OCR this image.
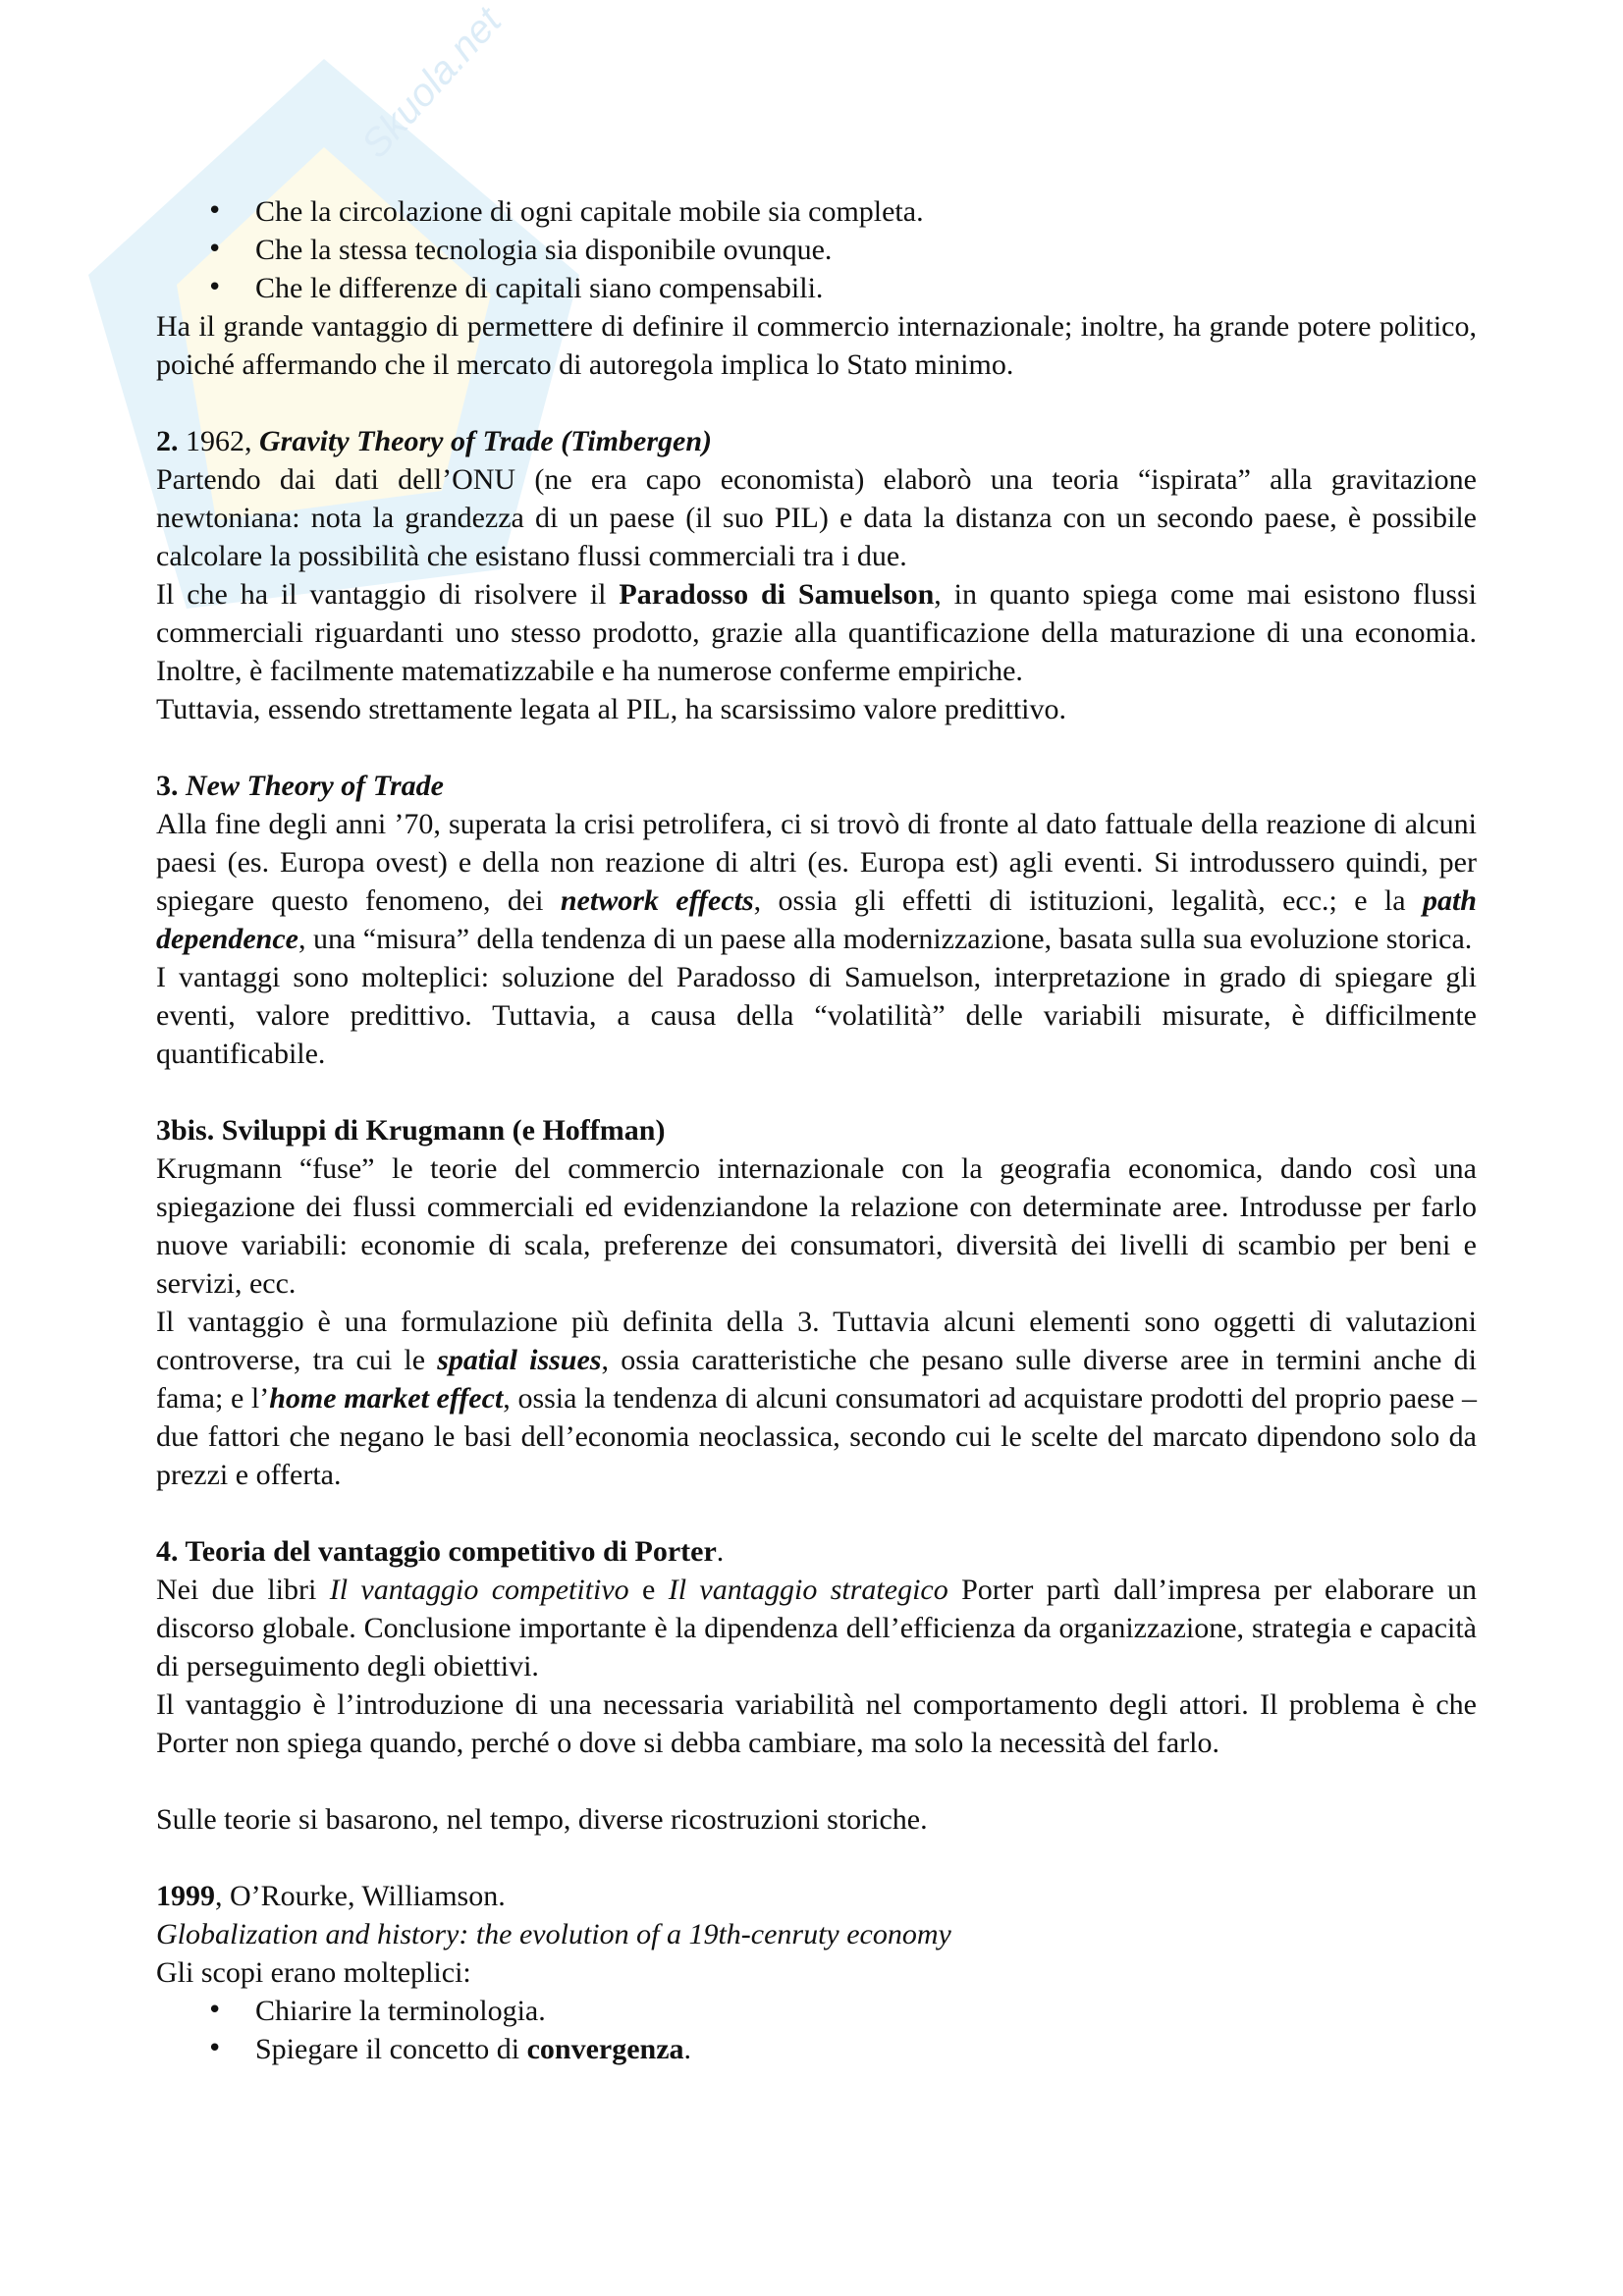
Skuola.net
• Che la circolazione di ogni capitale mobile sia completa.
• Che la stessa tecnologia sia disponibile ovunque.
• Che le differenze di capitali siano compensabili.

Ha il grande vantaggio di permettere di definire il commercio internazionale; inoltre, ha grande potere politico, poiché affermando che il mercato di autoregola implica lo Stato minimo.

2. 1962, Gravity Theory of Trade (Timbergen)

Partendo dai dati dell’ONU (ne era capo economista) elaborò una teoria “ispirata” alla gravitazione newtoniana: nota la grandezza di un paese (il suo PIL) e data la distanza con un secondo paese, è possibile calcolare la possibilità che esistano flussi commerciali tra i due.

Il che ha il vantaggio di risolvere il Paradosso di Samuelson, in quanto spiega come mai esistono flussi commerciali riguardanti uno stesso prodotto, grazie alla quantificazione della maturazione di una economia. Inoltre, è facilmente matematizzabile e ha numerose conferme empiriche.

Tuttavia, essendo strettamente legata al PIL, ha scarsissimo valore predittivo.

3. New Theory of Trade

Alla fine degli anni ’70, superata la crisi petrolifera, ci si trovò di fronte al dato fattuale della reazione di alcuni paesi (es. Europa ovest) e della non reazione di altri (es. Europa est) agli eventi. Si introdussero quindi, per spiegare questo fenomeno, dei network effects, ossia gli effetti di istituzioni, legalità, ecc.; e la path dependence, una “misura” della tendenza di un paese alla modernizzazione, basata sulla sua evoluzione storica.

I vantaggi sono molteplici: soluzione del Paradosso di Samuelson, interpretazione in grado di spiegare gli eventi, valore predittivo. Tuttavia, a causa della “volatilità” delle variabili misurate, è difficilmente quantificabile.

3bis. Sviluppi di Krugmann (e Hoffman)

Krugmann “fuse” le teorie del commercio internazionale con la geografia economica, dando così una spiegazione dei flussi commerciali ed evidenziandone la relazione con determinate aree. Introdusse per farlo nuove variabili: economie di scala, preferenze dei consumatori, diversità dei livelli di scambio per beni e servizi, ecc.

Il vantaggio è una formulazione più definita della 3. Tuttavia alcuni elementi sono oggetti di valutazioni controverse, tra cui le spatial issues, ossia caratteristiche che pesano sulle diverse aree in termini anche di fama; e l’home market effect, ossia la tendenza di alcuni consumatori ad acquistare prodotti del proprio paese – due fattori che negano le basi dell’economia neoclassica, secondo cui le scelte del marcato dipendono solo da prezzi e offerta.

4. Teoria del vantaggio competitivo di Porter.

Nei due libri Il vantaggio competitivo e Il vantaggio strategico Porter partì dall’impresa per elaborare un discorso globale. Conclusione importante è la dipendenza dell’efficienza da organizzazione, strategia e capacità di perseguimento degli obiettivi.

Il vantaggio è l’introduzione di una necessaria variabilità nel comportamento degli attori. Il problema è che Porter non spiega quando, perché o dove si debba cambiare, ma solo la necessità del farlo.

Sulle teorie si basarono, nel tempo, diverse ricostruzioni storiche.

1999, O’Rourke, Williamson.

Globalization and history: the evolution of a 19th-cenruty economy

Gli scopi erano molteplici:

• Chiarire la terminologia.
• Spiegare il concetto di convergenza.
